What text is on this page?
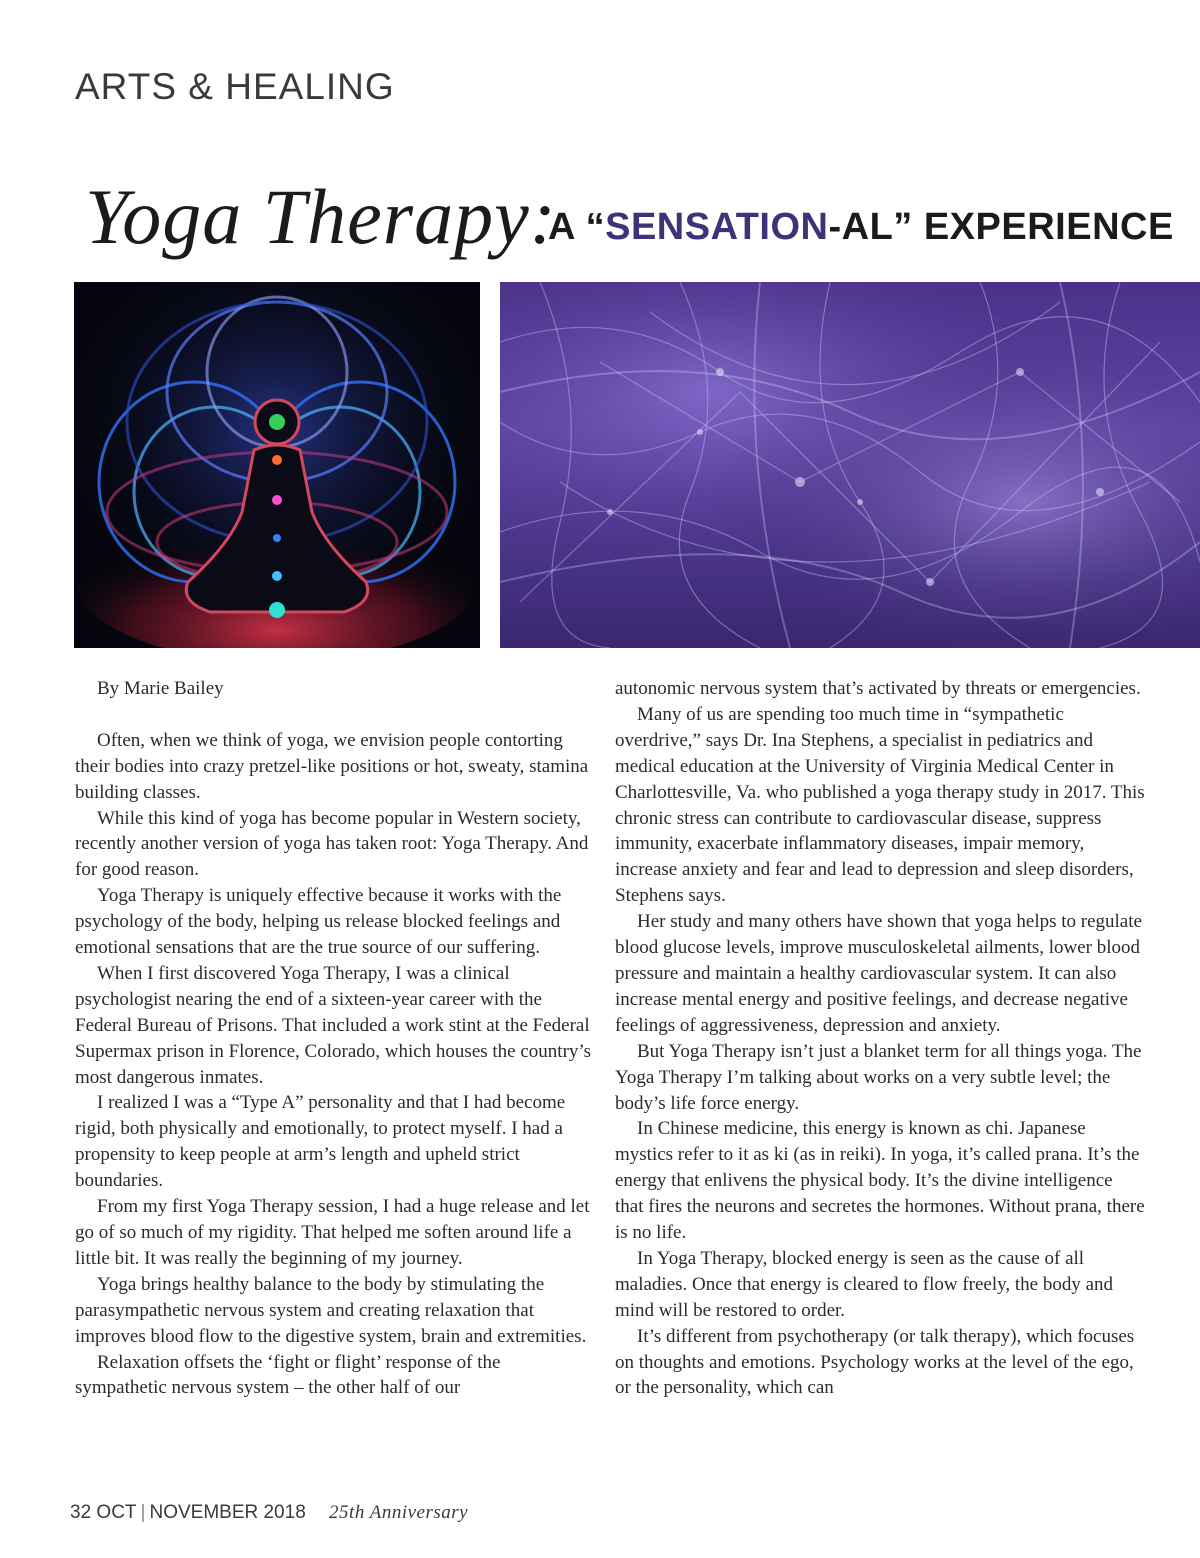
ARTS & HEALING
Yoga Therapy:
A “SENSATION-AL” EXPERIENCE

By Marie Bailey

Often, when we think of yoga, we envision people contorting their bodies into crazy pretzel-like positions or hot, sweaty, stamina building classes.

While this kind of yoga has become popular in Western society, recently another version of yoga has taken root: Yoga Therapy. And for good reason.

Yoga Therapy is uniquely effective because it works with the psychology of the body, helping us release blocked feelings and emotional sensations that are the true source of our suffering.

When I first discovered Yoga Therapy, I was a clinical psychologist nearing the end of a sixteen-year career with the Federal Bureau of Prisons. That included a work stint at the Federal Supermax prison in Florence, Colorado, which houses the country’s most dangerous inmates.

I realized I was a “Type A” personality and that I had become rigid, both physically and emotionally, to protect myself. I had a propensity to keep people at arm’s length and upheld strict boundaries.

From my first Yoga Therapy session, I had a huge release and let go of so much of my rigidity. That helped me soften around life a little bit. It was really the beginning of my journey.

Yoga brings healthy balance to the body by stimulating the parasympathetic nervous system and creating relaxation that improves blood flow to the digestive system, brain and extremities.

Relaxation offsets the ‘fight or flight’ response of the sympathetic nervous system – the other half of our

autonomic nervous system that’s activated by threats or emergencies.

Many of us are spending too much time in “sympathetic overdrive,” says Dr. Ina Stephens, a specialist in pediatrics and medical education at the University of Virginia Medical Center in Charlottesville, Va. who published a yoga therapy study in 2017. This chronic stress can contribute to cardiovascular disease, suppress immunity, exacerbate inflammatory diseases, impair memory, increase anxiety and fear and lead to depression and sleep disorders, Stephens says.

Her study and many others have shown that yoga helps to regulate blood glucose levels, improve musculoskeletal ailments, lower blood pressure and maintain a healthy cardiovascular system. It can also increase mental energy and positive feelings, and decrease negative feelings of aggressiveness, depression and anxiety.

But Yoga Therapy isn’t just a blanket term for all things yoga. The Yoga Therapy I’m talking about works on a very subtle level; the body’s life force energy.

In Chinese medicine, this energy is known as chi. Japanese mystics refer to it as ki (as in reiki). In yoga, it’s called prana. It’s the energy that enlivens the physical body. It’s the divine intelligence that fires the neurons and secretes the hormones. Without prana, there is no life.

In Yoga Therapy, blocked energy is seen as the cause of all maladies. Once that energy is cleared to flow freely, the body and mind will be restored to order.

It’s different from psychotherapy (or talk therapy), which focuses on thoughts and emotions. Psychology works at the level of the ego, or the personality, which can

32 OCT | NOVEMBER 2018 25th Anniversary
